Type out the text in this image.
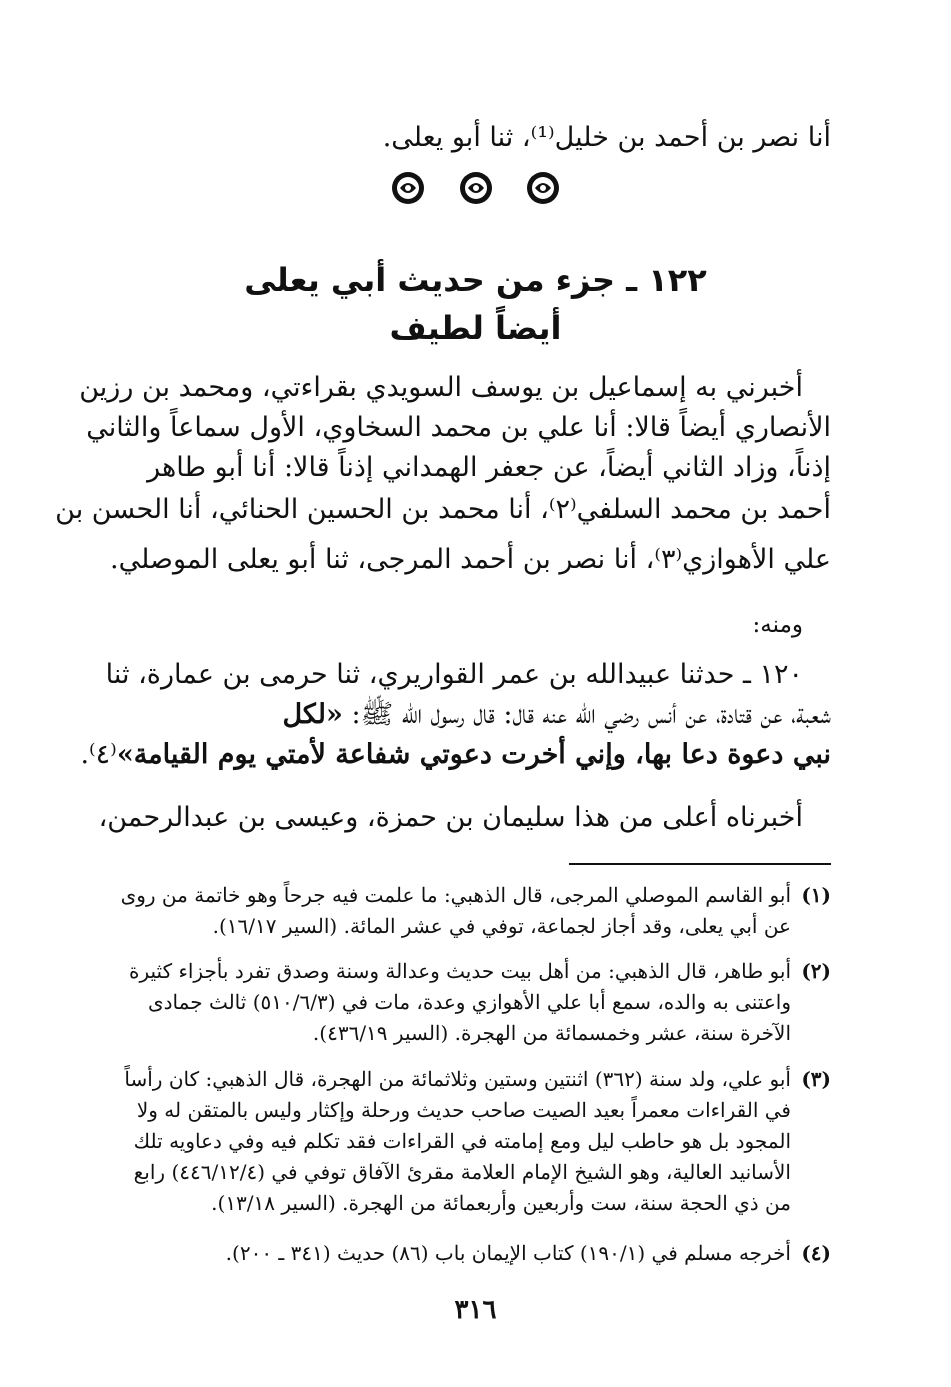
أنا نصر بن أحمد بن خليل⁽¹⁾، ثنا أبو يعلى.

١٢٢ ـ جزء من حديث أبي يعلى
أيضاً لطيف
أخبرني به إسماعيل بن يوسف السويدي بقراءتي، ومحمد بن رزين
الأنصاري أيضاً قالا: أنا علي بن محمد السخاوي، الأول سماعاً والثاني
إذناً، وزاد الثاني أيضاً، عن جعفر الهمداني إذناً قالا: أنا أبو طاهر
أحمد بن محمد السلفي⁽٢⁾، أنا محمد بن الحسين الحنائي، أنا الحسن بن
علي الأهوازي⁽٣⁾، أنا نصر بن أحمد المرجى، ثنا أبو يعلى الموصلي.
ومنه:
١٢٠ ـ حدثنا عبيدالله بن عمر القواريري، ثنا حرمى بن عمارة، ثنا
شعبة، عن قتادة، عن أنس رضي الله عنه قال: قال رسول الله ﷺ: «لكل
نبي دعوة دعا بها، وإني أخرت دعوتي شفاعة لأمتي يوم القيامة»⁽٤⁾.
أخبرناه أعلى من هذا سليمان بن حمزة، وعيسى بن عبدالرحمن،
(١)
أبو القاسم الموصلي المرجى، قال الذهبي: ما علمت فيه جرحاً وهو خاتمة من روى
عن أبي يعلى، وقد أجاز لجماعة، توفي في عشر المائة. (السير ١٦/١٧).
(٢)
أبو طاهر، قال الذهبي: من أهل بيت حديث وعدالة وسنة وصدق تفرد بأجزاء كثيرة
واعتنى به والده، سمع أبا علي الأهوازي وعدة، مات في (٥١٠/٦/٣) ثالث جمادى
الآخرة سنة، عشر وخمسمائة من الهجرة. (السير ٤٣٦/١٩).
(٣)
أبو علي، ولد سنة (٣٦٢) اثنتين وستين وثلاثمائة من الهجرة، قال الذهبي: كان رأساً
في القراءات معمراً بعيد الصيت صاحب حديث ورحلة وإكثار وليس بالمتقن له ولا
المجود بل هو حاطب ليل ومع إمامته في القراءات فقد تكلم فيه وفي دعاويه تلك
الأسانيد العالية، وهو الشيخ الإمام العلامة مقرئ الآفاق توفي في (٤٤٦/١٢/٤) رابع
من ذي الحجة سنة، ست وأربعين وأربعمائة من الهجرة. (السير ١٣/١٨).
(٤)
أخرجه مسلم في (١٩٠/١) كتاب الإيمان باب (٨٦) حديث (٣٤١ ـ ٢٠٠).
٣١٦
